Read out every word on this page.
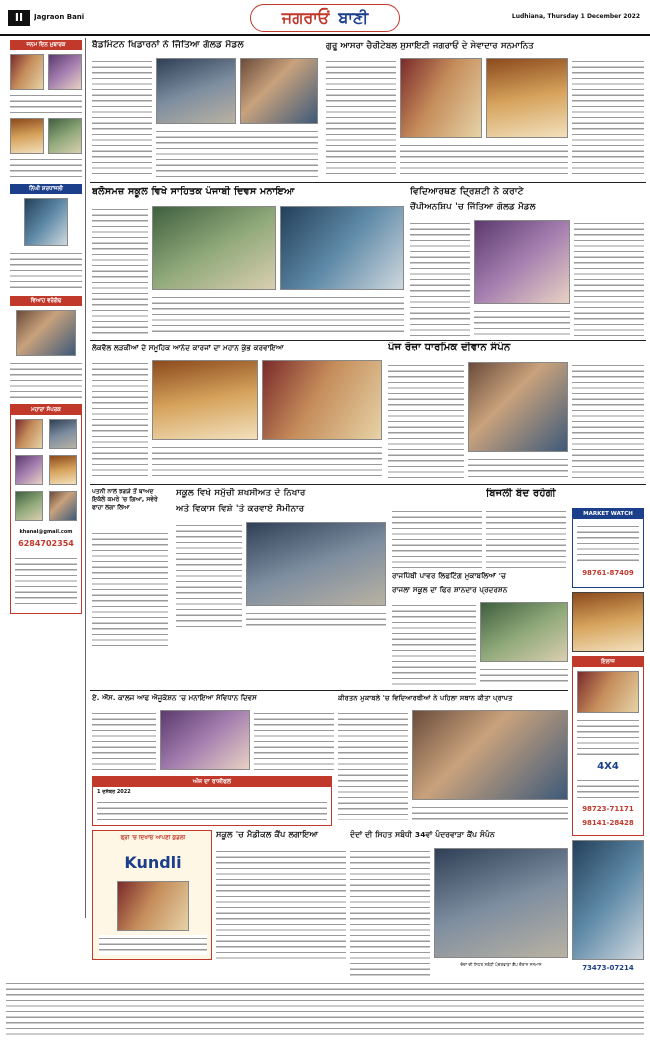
II	Jagraon Bani	ਜਗਰਾਓਂ ਬਾਣੀ	Ludhiana, Thursday 1 December 2022
ਜਨਮ ਦਿਨ ਮੁਬਾਰਕ
ਨਿੱਘੀ ਸ਼ਰਧਾਂਜਲੀ
ਵਿਆਹ ਵਰੇਗੰਢ
ਮਹਾਰਾ ਸੰਪਰਕ
khanal@gmail.com
6284702354
ਬੈਡਮਿੰਟਨ ਖਿਡਾਰਨਾਂ ਨੇ ਜਿੱਤਿਆ ਗੋਲਡ ਮੈਡਲ	ਗੁਰੂ ਆਸਰਾ ਚੈਰੀਟੇਬਲ ਸੁਸਾਇਟੀ ਜਗਰਾਓਂ ਦੇ ਸੇਵਾਦਾਰ ਸਨਮਾਨਿਤ
ਬਲੋਸਮਜ਼ ਸਕੂਲ ਵਿਖੇ ਸਾਹਿਤਕ ਪੰਜਾਬੀ ਦਿਵਸ ਮਨਾਇਆ	ਵਿਦਿਆਰਥਣ ਦ੍ਰਿਸ਼ਟੀ ਨੇ ਕਰਾਟੇ
ਚੈਂਪੀਅਨਸ਼ਿਪ 'ਚ ਜਿੱਤਿਆ ਗੋਲਡ ਮੈਡਲ
ਲੋਕਵੈਲ ਲੜਕੀਆਂ ਦੇ ਸਮੂਹਿਕ ਆਨੰਦ ਕਾਰਜਾਂ ਦਾ ਮਹਾਨ ਕੁੰਭ ਕਰਵਾਇਆ	ਪੰਜ ਰੋਜ਼ਾ ਧਾਰਮਿਕ ਦੀਵਾਨ ਸੰਪੰਨ
ਪਤਨੀ ਨਾਲ ਝਗੜੇ ਤੋਂ ਬਾਅਦ ਇਕੱਲੇ ਕਮਰੇ 'ਚ ਗਿਆ, ਸਵੇਰੇ ਫਾਹਾ ਲਗਾ ਲਿਆ
ਸਕੂਲ ਵਿਖੇ ਸਮੁੱਚੀ ਸ਼ਖਸੀਅਤ ਦੇ ਨਿਖਾਰ
ਅਤੇ ਵਿਕਾਸ ਵਿਸ਼ੇ 'ਤੇ ਕਰਵਾਏ ਸੈਮੀਨਾਰ
ਬਿਜਲੀ ਬੰਦ ਰਹੇਗੀ
ਰਾਜਪਿੱਥੀ ਪਾਵਰ ਲਿਫਟਿੰਗ ਮੁਕਾਬਲਿਆਂ 'ਚ
ਰਾਜਲਾ ਸਕੂਲ ਦਾ ਫਿਰ ਸ਼ਾਨਦਾਰ ਪ੍ਰਦਰਸ਼ਨ
MARKET WATCH
98761-87409
ਇਲਾਜ
4X4
98723-71171
98141-28428
73473-07214
ਏ. ਐੱਸ. ਕਾਲਜ ਆਫ ਐਜੂਕੇਸ਼ਨ 'ਚ ਮਨਾਇਆ ਸੰਵਿਧਾਨ ਦਿਵਸ	ਕੀਰਤਨ ਮੁਕਾਬਲੇ 'ਚ ਵਿਦਿਆਰਥੀਆਂ ਨੇ ਪਹਿਲਾ ਸਥਾਨ ਕੀਤਾ ਪ੍ਰਾਪਤ
ਅੱਜ ਦਾ ਰਾਸ਼ੀਫਲ
1 ਦਸੰਬਰ 2022
ਫ੍ਰੀ 'ਚ ਦਿਖਾਓ ਆਪਣੀ ਕੁੰਡਲੀ
Kundli
ਸਕੂਲ 'ਚ ਮੈਡੀਕਲ ਕੈਂਪ ਲਗਾਇਆ	ਦੰਦਾਂ ਦੀ ਸਿਹਤ ਸਬੰਧੀ 34ਵਾਂ ਪੰਦਰਵਾੜਾ ਕੈਂਪ ਸੰਪੰਨ
ਦੰਦਾਂ ਦੀ ਸਿਹਤ ਸਬੰਧੀ ਪੰਦਰਵਾੜਾ ਕੈਂਪ ਦੌਰਾਨ ਸਨਮਾਨ
